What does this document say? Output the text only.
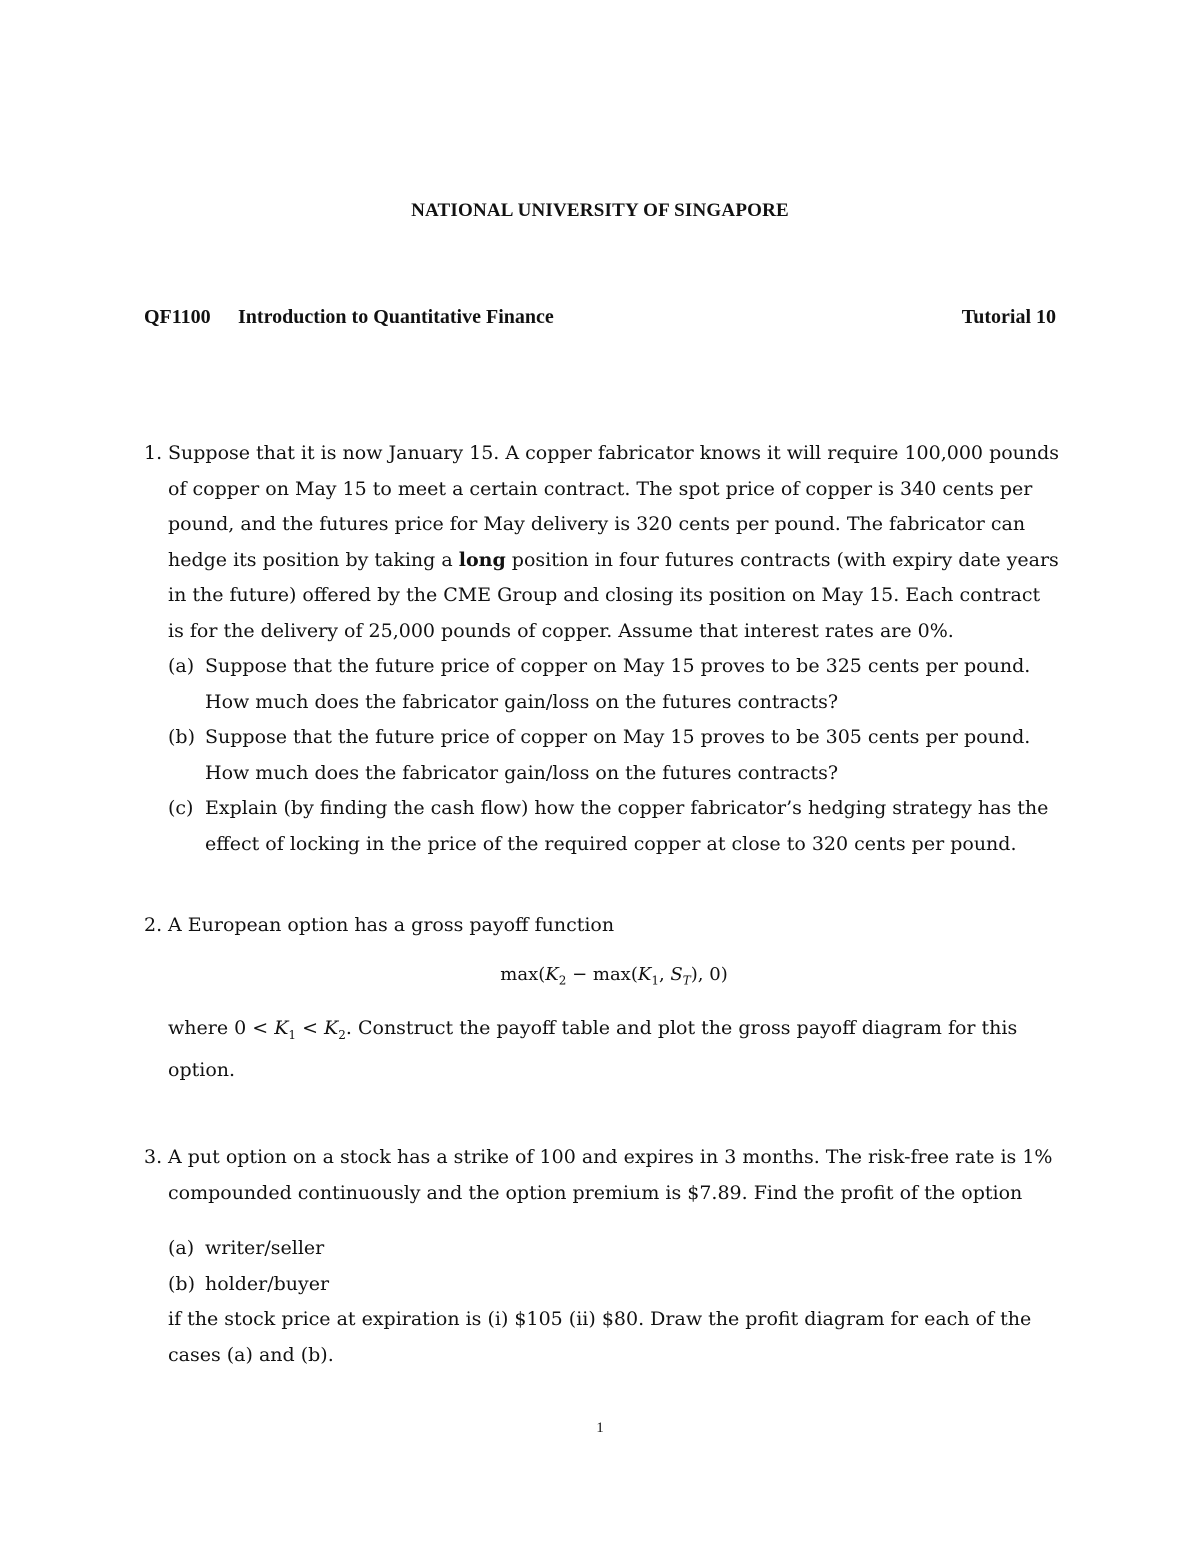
NATIONAL UNIVERSITY OF SINGAPORE
QF1100 Introduction to Quantitative Finance	Tutorial 10
1. Suppose that it is now January 15. A copper fabricator knows it will require 100,000 pounds of copper on May 15 to meet a certain contract. The spot price of copper is 340 cents per pound, and the futures price for May delivery is 320 cents per pound. The fabricator can hedge its position by taking a long position in four futures contracts (with expiry date years in the future) offered by the CME Group and closing its position on May 15. Each contract is for the delivery of 25,000 pounds of copper. Assume that interest rates are 0%.

(a) Suppose that the future price of copper on May 15 proves to be 325 cents per pound. How much does the fabricator gain/loss on the futures contracts?
(b) Suppose that the future price of copper on May 15 proves to be 305 cents per pound. How much does the fabricator gain/loss on the futures contracts?
(c) Explain (by finding the cash flow) how the copper fabricator’s hedging strategy has the effect of locking in the price of the required copper at close to 320 cents per pound.
2. A European option has a gross payoff function

$\max(K_2 - \max(K_1$, $S_T$), 0)

where $0 < K_1 < K_2$. Construct the payoff table and plot the gross payoff diagram for this option.

3. A put option on a stock has a strike of 100 and expires in 3 months. The risk-free rate is 1% compounded continuously and the option premium is $7.89. Find the profit of the option

(a) writer/seller
(b) holder/buyer

if the stock price at expiration is (i) $105 (ii) $80. Draw the profit diagram for each of the cases (a) and (b).

1
